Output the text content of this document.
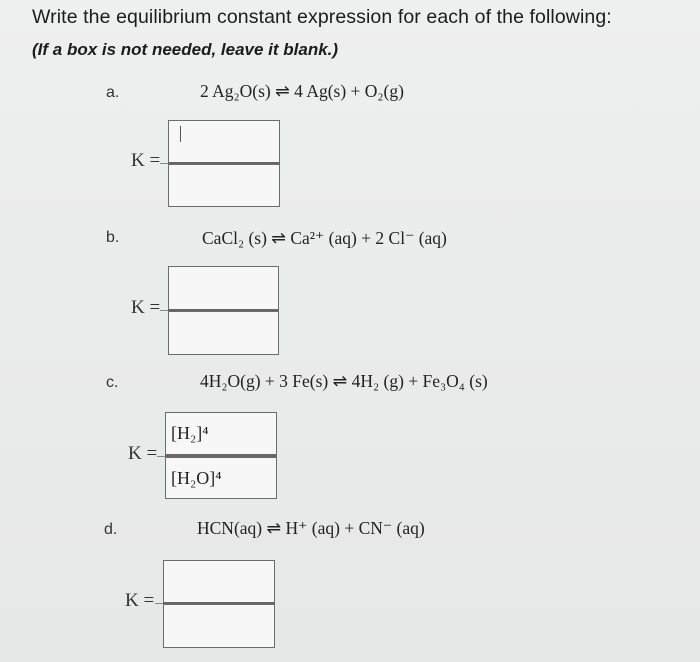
Write the equilibrium constant expression for each of the following:
(If a box is not needed, leave it blank.)
a.	2 Ag₂O(s) ⇌ 4 Ag(s) + O₂(g)
K =
b.	CaCl₂ (s) ⇌ Ca²⁺ (aq) + 2 Cl⁻ (aq)
K =
c.	4H₂O(g) + 3 Fe(s) ⇌ 4H₂ (g) + Fe₃O₄ (s)
K =
[H₂]⁴
[H₂O]⁴
d.	HCN(aq) ⇌ H⁺ (aq) + CN⁻ (aq)
K =
